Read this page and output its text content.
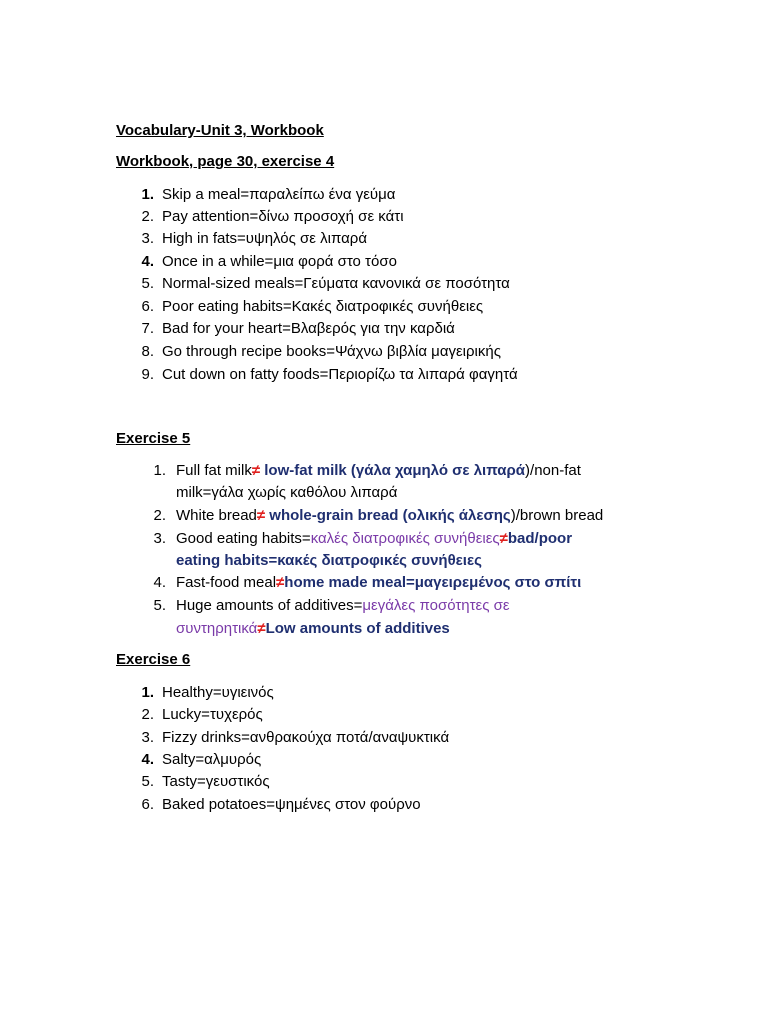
Vocabulary-Unit 3, Workbook
Workbook, page 30, exercise 4
1. Skip a meal=παραλείπω ένα γεύμα
2. Pay attention=δίνω προσοχή σε κάτι
3. High in fats=υψηλός σε λιπαρά
4. Once in a while=μια φορά στο τόσο
5. Normal-sized meals=Γεύματα κανονικά σε ποσότητα
6. Poor eating habits=Κακές διατροφικές συνήθειες
7. Bad for your heart=Βλαβερός για την καρδιά
8. Go through recipe books=Ψάχνω βιβλία μαγειρικής
9. Cut down on fatty foods=Περιορίζω τα λιπαρά φαγητά
Exercise 5
1. Full fat milk≠ low-fat milk (γάλα χαμηλό σε λιπαρά)/non-fat
milk=γάλα χωρίς καθόλου λιπαρά
2. White bread≠ whole-grain bread (ολικής άλεσης)/brown bread
3. Good eating habits=καλές διατροφικές συνήθειες≠bad/poor
eating habits=κακές διατροφικές συνήθειες
4. Fast-food meal≠home made meal=μαγειρεμένος στο σπίτι
5. Huge amounts of additives=μεγάλες ποσότητες σε
συντηρητικά≠Low amounts of additives
Exercise 6
1. Healthy=υγιεινός
2. Lucky=τυχερός
3. Fizzy drinks=ανθρακούχα ποτά/αναψυκτικά
4. Salty=αλμυρός
5. Tasty=γευστικός
6. Baked potatoes=ψημένες στον φούρνο
